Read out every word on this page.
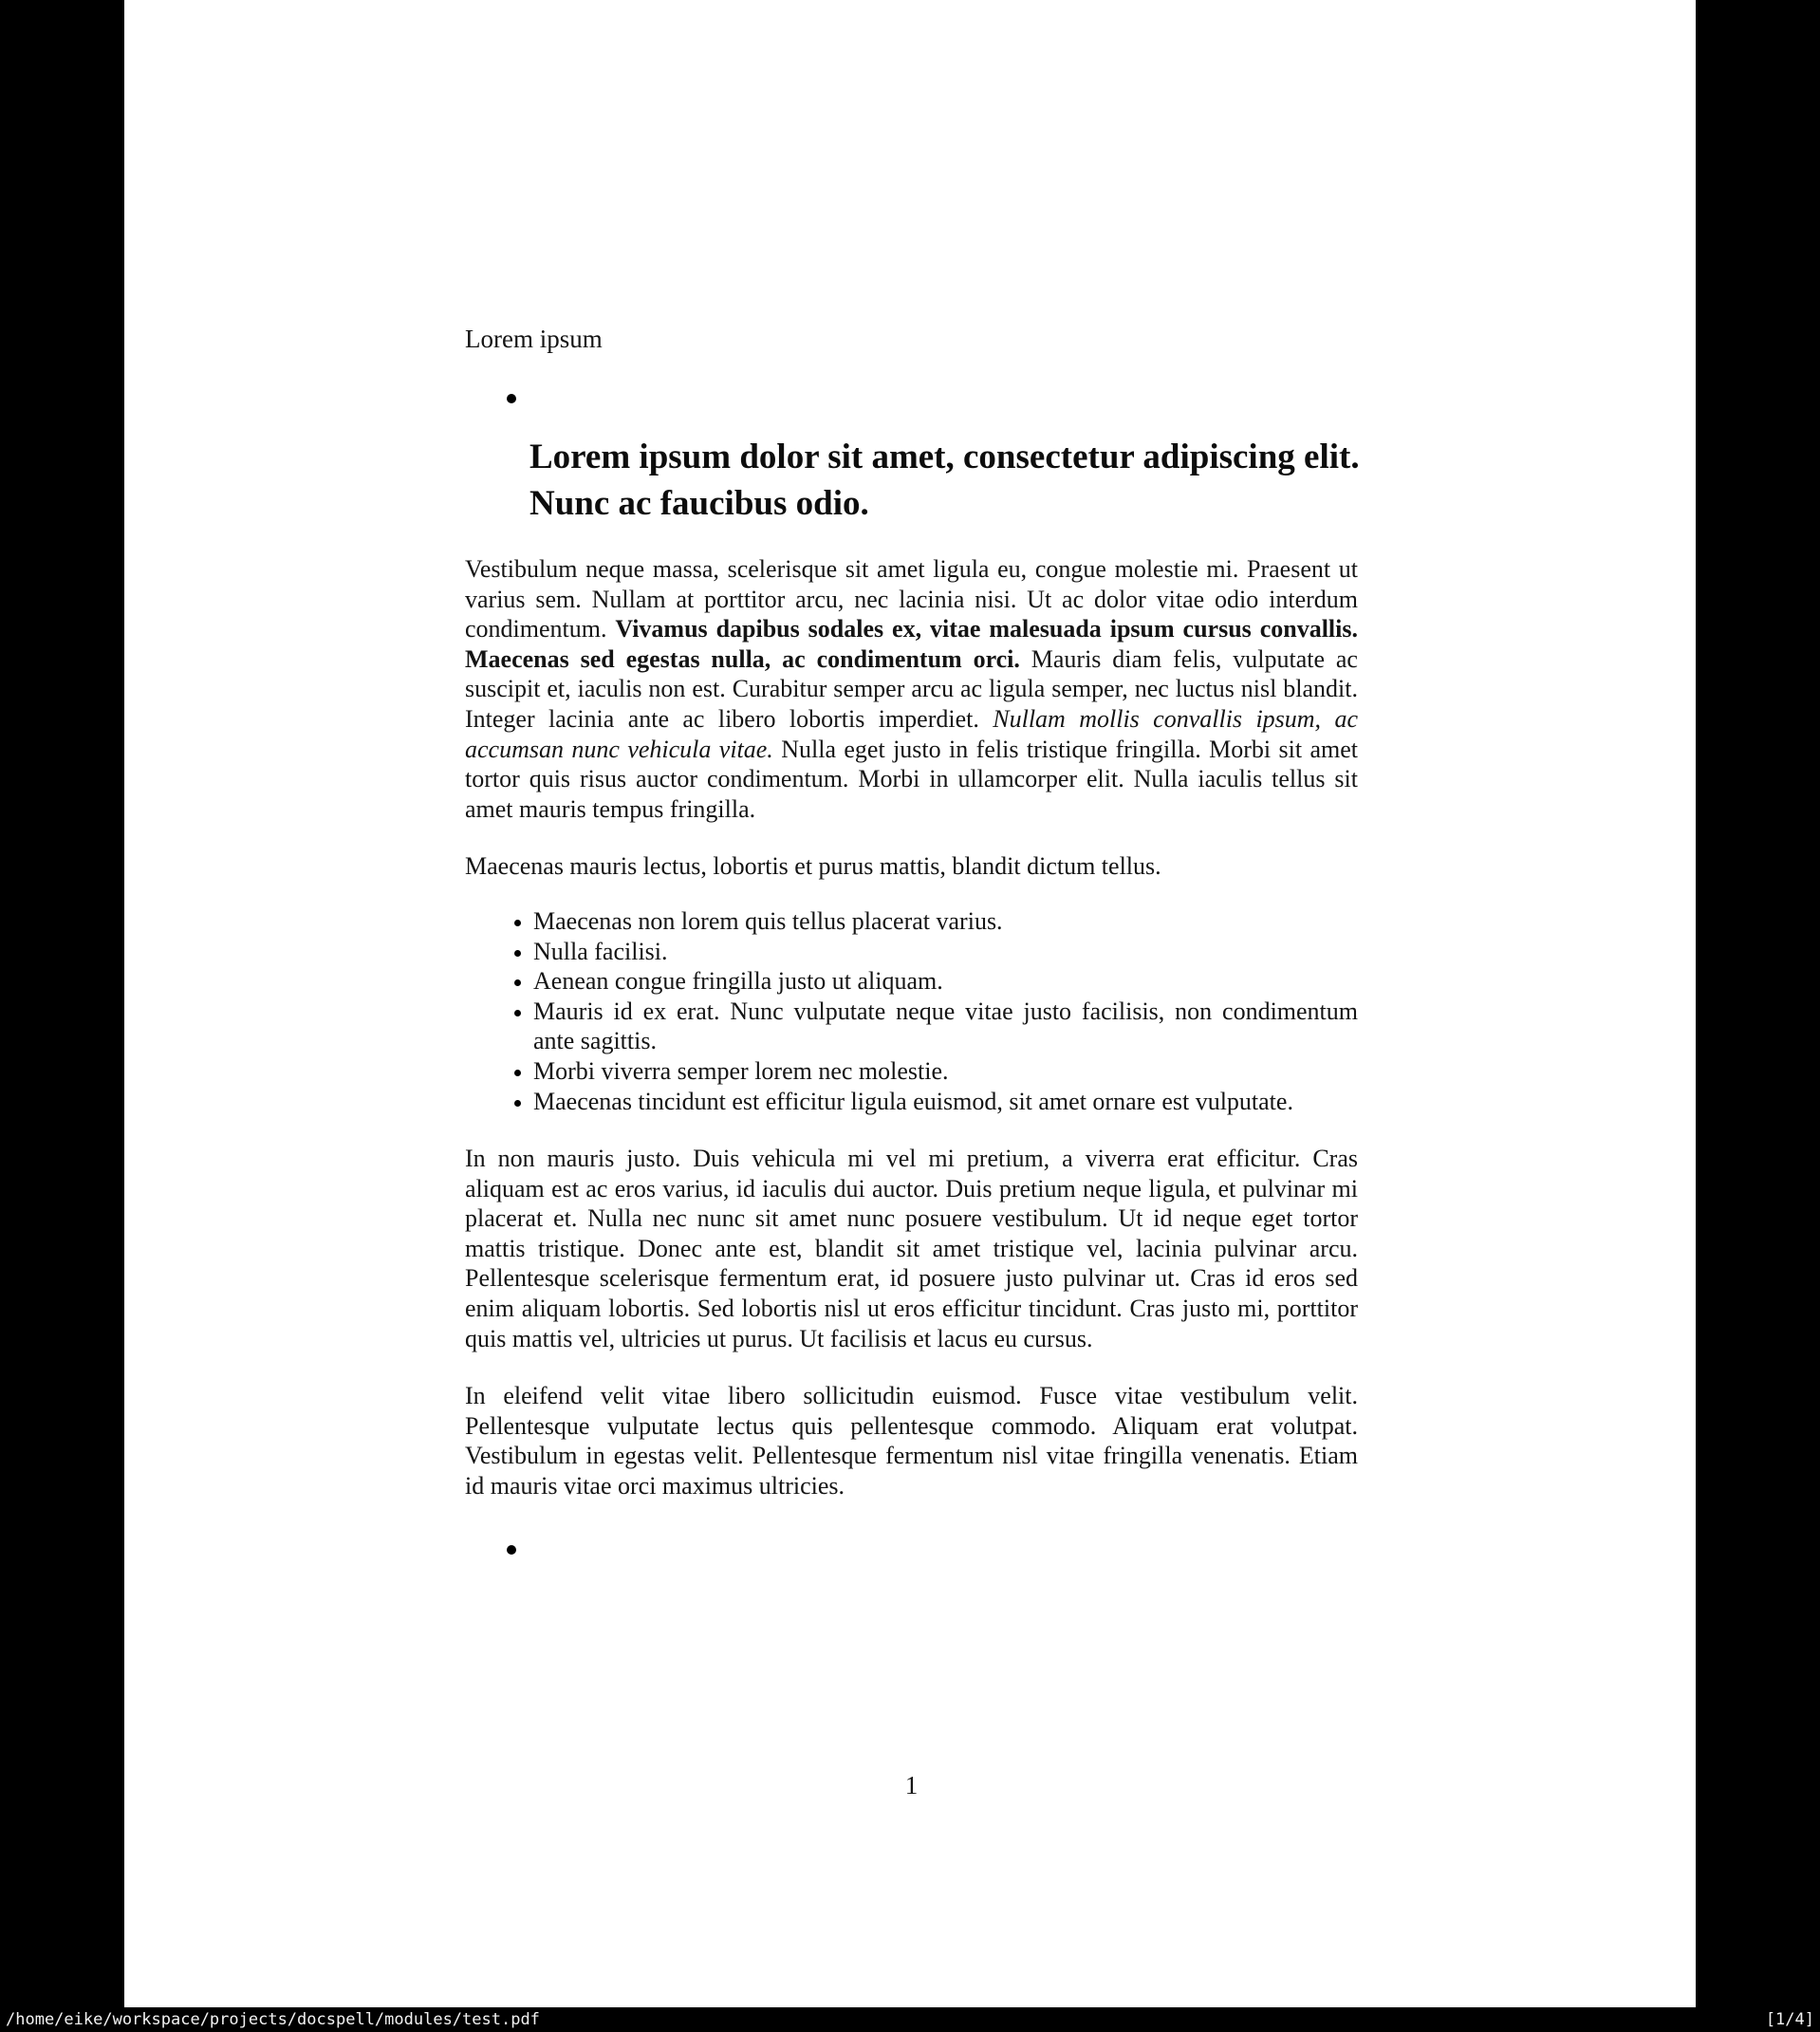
Lorem ipsum
Lorem ipsum dolor sit amet, consectetur adipiscing elit. Nunc ac faucibus odio.

Vestibulum neque massa, scelerisque sit amet ligula eu, congue molestie mi. Praesent ut varius sem. Nullam at porttitor arcu, nec lacinia nisi. Ut ac dolor vitae odio interdum condimentum. Vivamus dapibus sodales ex, vitae malesuada ipsum cursus convallis. Maecenas sed egestas nulla, ac condimentum orci. Mauris diam felis, vulputate ac suscipit et, iaculis non est. Curabitur semper arcu ac ligula semper, nec luctus nisl blandit. Integer lacinia ante ac libero lobortis imperdiet. Nullam mollis convallis ipsum, ac accumsan nunc vehicula vitae. Nulla eget justo in felis tristique fringilla. Morbi sit amet tortor quis risus auctor condimentum. Morbi in ullamcorper elit. Nulla iaculis tellus sit amet mauris tempus fringilla.

Maecenas mauris lectus, lobortis et purus mattis, blandit dictum tellus.

• Maecenas non lorem quis tellus placerat varius.
• Nulla facilisi.
• Aenean congue fringilla justo ut aliquam.
• Mauris id ex erat. Nunc vulputate neque vitae justo facilisis, non condimentum ante sagittis.
• Morbi viverra semper lorem nec molestie.
• Maecenas tincidunt est efficitur ligula euismod, sit amet ornare est vulputate.

In non mauris justo. Duis vehicula mi vel mi pretium, a viverra erat efficitur. Cras aliquam est ac eros varius, id iaculis dui auctor. Duis pretium neque ligula, et pulvinar mi placerat et. Nulla nec nunc sit amet nunc posuere vestibulum. Ut id neque eget tortor mattis tristique. Donec ante est, blandit sit amet tristique vel, lacinia pulvinar arcu. Pellentesque scelerisque fermentum erat, id posuere justo pulvinar ut. Cras id eros sed enim aliquam lobortis. Sed lobortis nisl ut eros efficitur tincidunt. Cras justo mi, porttitor quis mattis vel, ultricies ut purus. Ut facilisis et lacus eu cursus.

In eleifend velit vitae libero sollicitudin euismod. Fusce vitae vestibulum velit. Pellentesque vulputate lectus quis pellentesque commodo. Aliquam erat volutpat. Vestibulum in egestas velit. Pellentesque fermentum nisl vitae fringilla venenatis. Etiam id mauris vitae orci maximus ultricies.

1
/home/eike/workspace/projects/docspell/modules/test.pdf	[1/4]
